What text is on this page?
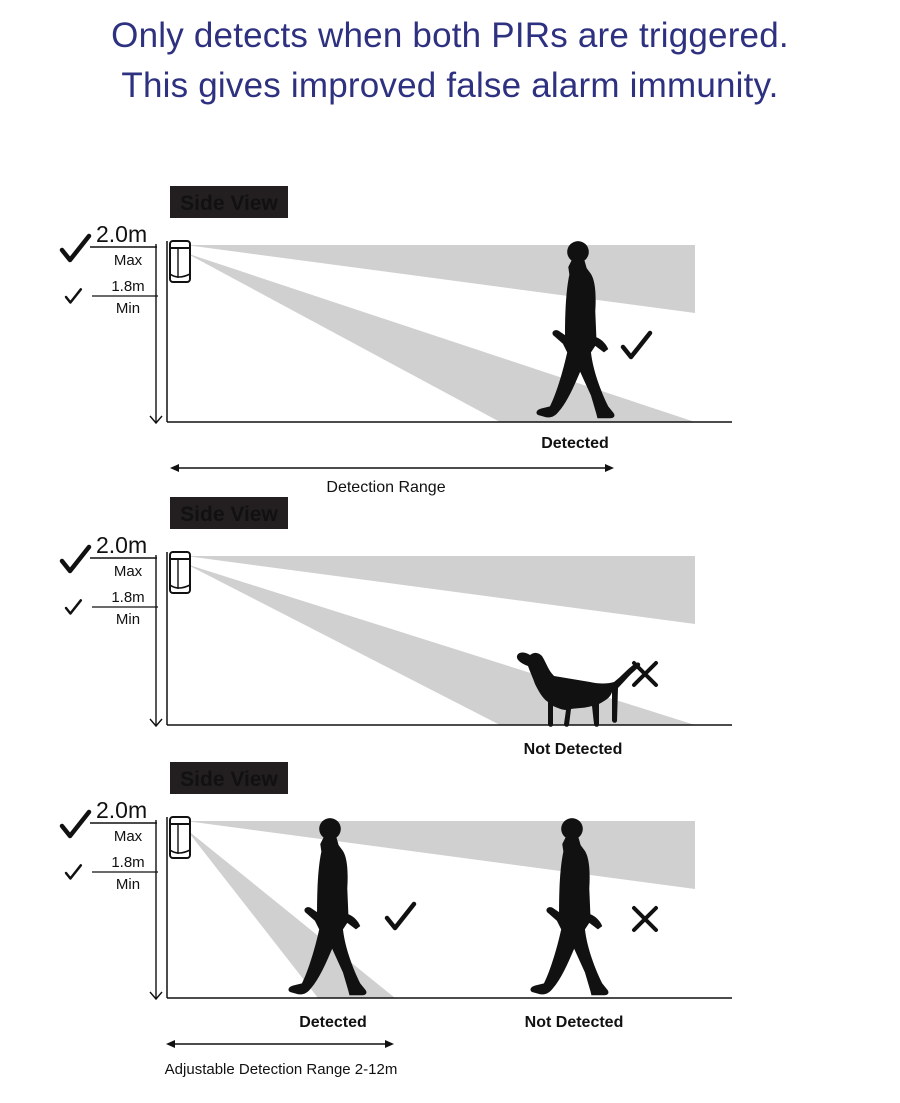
Only detects when both PIRs are triggered.
This gives improved false alarm immunity.
Side View
2.0m
Max
1.8m
Min
Detected
Detection Range
Side View
2.0m
Max
1.8m
Min
Not Detected
Side View
2.0m
Max
1.8m
Min
Detected	Not Detected
Adjustable Detection Range 2-12m
